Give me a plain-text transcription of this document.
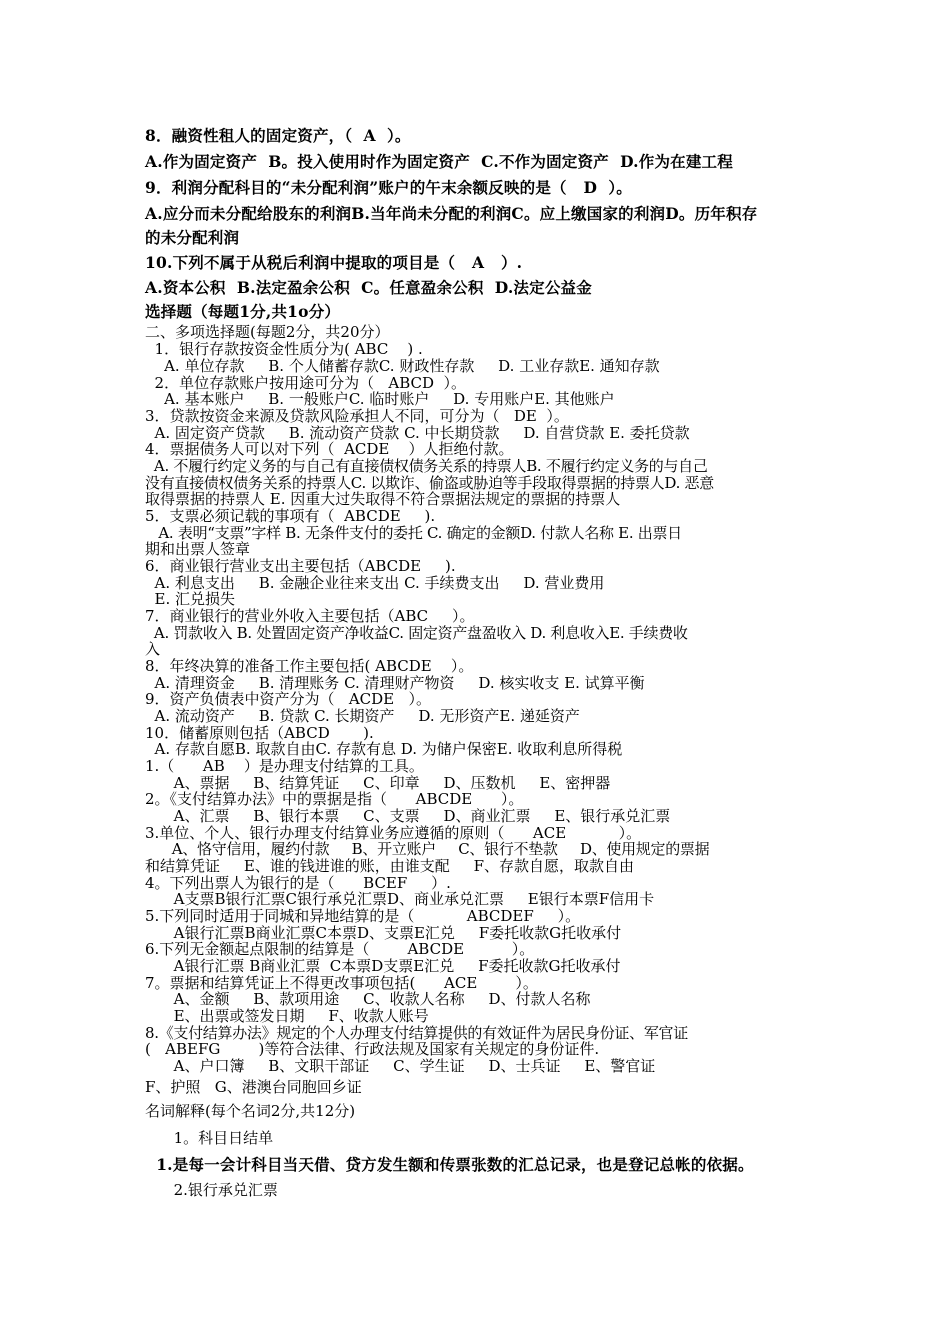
8．融资性租人的固定资产，（  A  ）。
A.作为固定资产  B。投入使用时作为固定资产  C.不作为固定资产  D.作为在建工程
9．利润分配科目的“未分配利润”账户的午末余额反映的是（   D  ）。
A.应分而未分配给股东的利润B.当年尚未分配的利润C。应上缴国家的利润D。历年积存
的未分配利润
10.下列不属于从税后利润中提取的项目是（   A   ）.
A.资本公积  B.法定盈余公积  C。任意盈余公积  D.法定公益金
选择题（每题1分,共1o分）
二、多项选择题(每题2分，共20分）
1．银行存款按资金性质分为( ABC    ) .
A. 单位存款     B. 个人储蓄存款C. 财政性存款     D. 工业存款E. 通知存款
2．单位存款账户按用途可分为（   ABCD  ）。
A. 基本账户     B. 一般账户C. 临时账户     D. 专用账户E. 其他账户
3．贷款按资金来源及贷款风险承担人不同，可分为（   DE  ）。
A. 固定资产贷款     B. 流动资产贷款 C. 中长期贷款     D. 自营贷款 E. 委托贷款
4．票据债务人可以对下列（  ACDE    ）人拒绝付款。
A. 不履行约定义务的与自己有直接债权债务关系的持票人B. 不履行约定义务的与自己
没有直接债权债务关系的持票人C. 以欺诈、偷盗或胁迫等手段取得票据的持票人D. 恶意
取得票据的持票人 E. 因重大过失取得不符合票据法规定的票据的持票人
5．支票必须记载的事项有（  ABCDE     ).
A. 表明“支票”字样 B. 无条件支付的委托 C. 确定的金额D. 付款人名称 E. 出票日
期和出票人签章
6．商业银行营业支出主要包括（ABCDE     ).
A. 利息支出     B. 金融企业往来支出 C. 手续费支出     D. 营业费用
E. 汇兑损失
7．商业银行的营业外收入主要包括（ABC     ）。
A. 罚款收入 B. 处置固定资产净收益C. 固定资产盘盈收入 D. 利息收入E. 手续费收
入
8．年终决算的准备工作主要包括( ABCDE    ）。
A. 清理资金     B. 清理账务 C. 清理财产物资     D. 核实收支 E. 试算平衡
9．资产负债表中资产分为（   ACDE   ）。
A. 流动资产     B. 贷款 C. 长期资产     D. 无形资产E. 递延资产
10．储蓄原则包括（ABCD       ).
A. 存款自愿B. 取款自由C. 存款有息 D. 为储户保密E. 收取利息所得税
1.（      AB    ）是办理支付结算的工具。
A、票据     B、结算凭证     C、印章     D、压数机     E、密押器
2。《支付结算办法》中的票据是指（      ABCDE      ）。
A、汇票     B、银行本票     C、支票     D、商业汇票     E、银行承兑汇票
3.单位、个人、银行办理支付结算业务应遵循的原则（      ACE           ）。
A、恪守信用，履约付款     B、开立账户     C、银行不垫款     D、使用规定的票据
和结算凭证     E、谁的钱进谁的账，由谁支配     F、存款自愿，取款自由
4。下列出票人为银行的是（      BCEF     ）.
A支票B银行汇票C银行承兑汇票D、商业承兑汇票     E银行本票F信用卡
5.下列同时适用于同城和异地结算的是（           ABCDEF     ）。
A银行汇票B商业汇票C本票D、支票E汇兑     F委托收款G托收承付
6.下列无金额起点限制的结算是（        ABCDE          ）。
A银行汇票 B商业汇票  C本票D支票E汇兑     F委托收款G托收承付
7。票据和结算凭证上不得更改事项包括(      ACE        ）。
A、金额     B、款项用途     C、收款人名称     D、付款人名称
E、出票或签发日期     F、收款人账号
8.《支付结算办法》规定的个人办理支付结算提供的有效证件为居民身份证、军官证
(   ABEFG        )等符合法律、行政法规及国家有关规定的身份证件.
A、户口簿     B、文职干部证     C、学生证     D、士兵证     E、警官证
F、护照   G、港澳台同胞回乡证
名词解释(每个名词2分,共12分)
1。科目日结单
1.是每一会计科目当天借、贷方发生额和传票张数的汇总记录，也是登记总帐的依据。
2.银行承兑汇票
